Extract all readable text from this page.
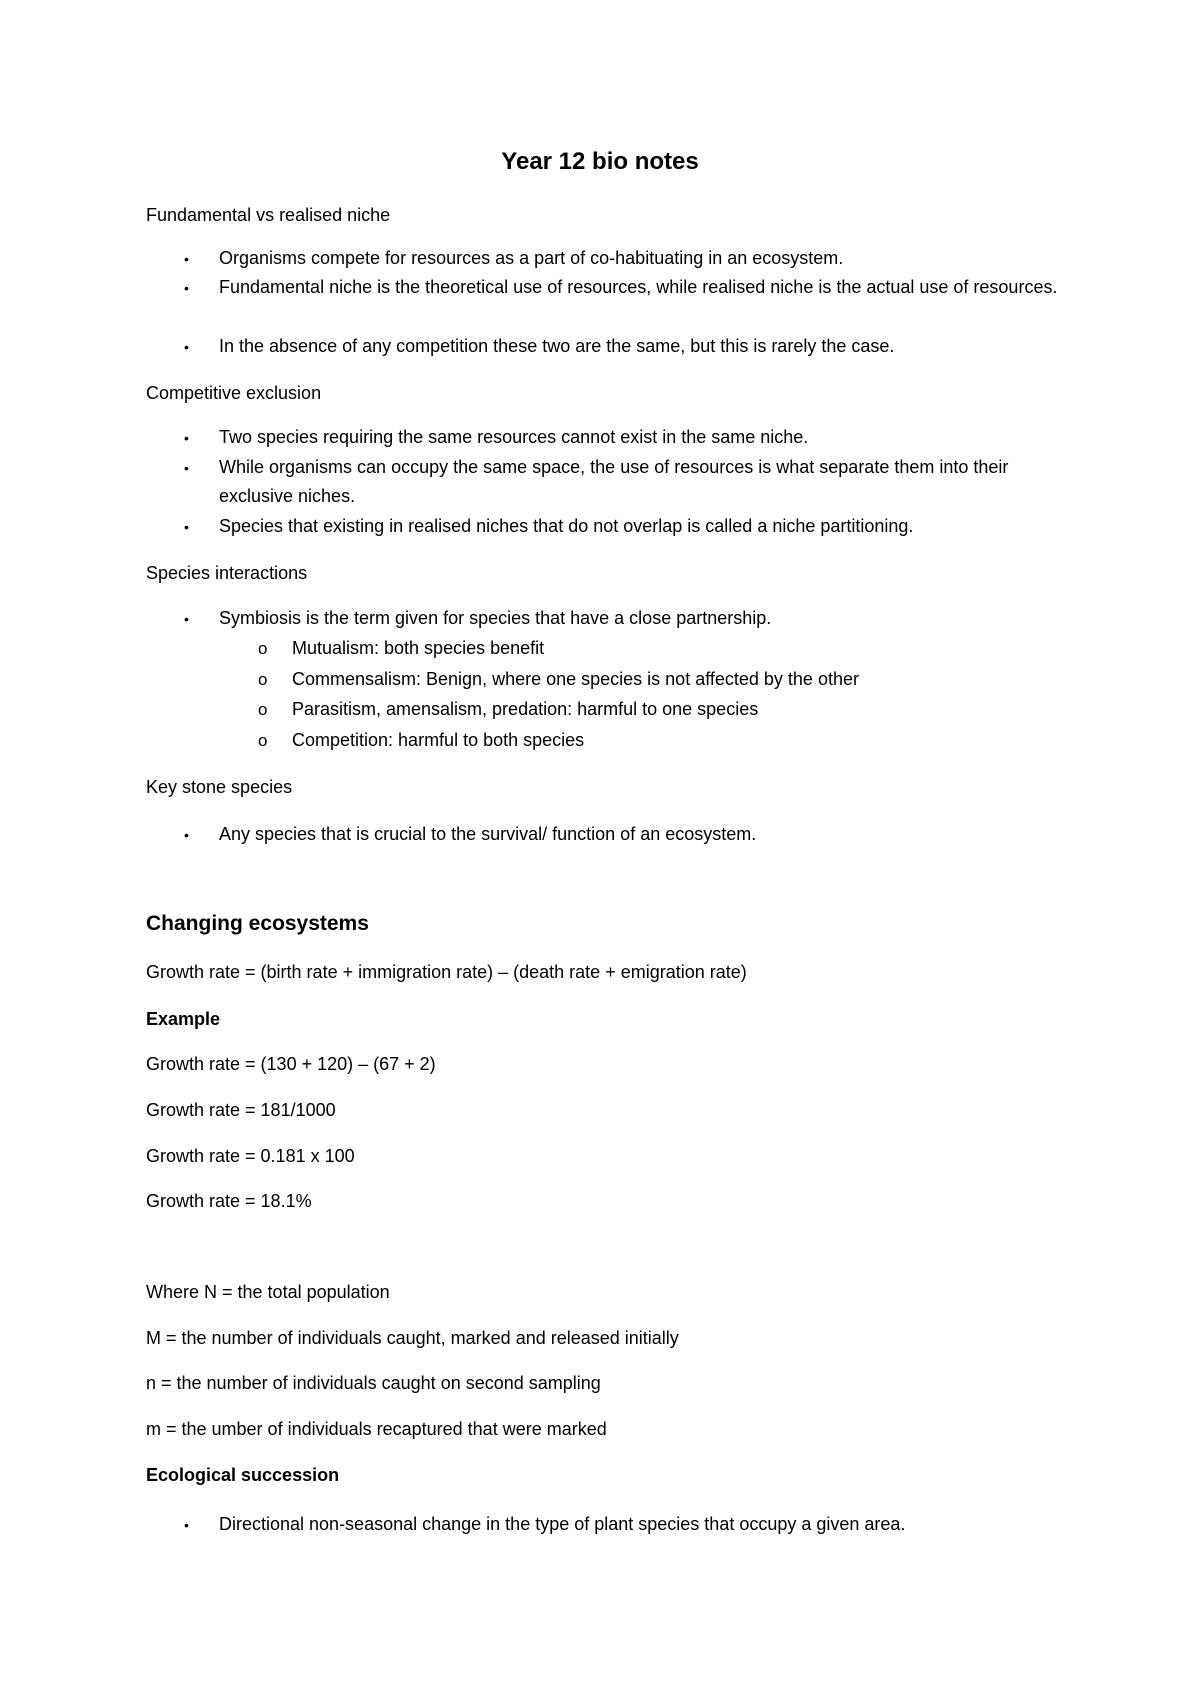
Year 12 bio notes

Fundamental vs realised niche

• Organisms compete for resources as a part of co-habituating in an ecosystem.

• Fundamental niche is the theoretical use of resources, while realised niche is the actual use of resources.

• In the absence of any competition these two are the same, but this is rarely the case.

Competitive exclusion

• Two species requiring the same resources cannot exist in the same niche.

• While organisms can occupy the same space, the use of resources is what separate them into their exclusive niches.

• Species that existing in realised niches that do not overlap is called a niche partitioning.

Species interactions

• Symbiosis is the term given for species that have a close partnership.

o Mutualism: both species benefit

o Commensalism: Benign, where one species is not affected by the other

o Parasitism, amensalism, predation: harmful to one species

o Competition: harmful to both species

Key stone species

• Any species that is crucial to the survival/ function of an ecosystem.

Changing ecosystems

Growth rate = (birth rate + immigration rate) – (death rate + emigration rate)

Example

Growth rate = (130 + 120) – (67 + 2)

Growth rate = 181/1000

Growth rate = 0.181 x 100

Growth rate = 18.1%

Where N = the total population

M = the number of individuals caught, marked and released initially

n = the number of individuals caught on second sampling

m = the umber of individuals recaptured that were marked

Ecological succession

• Directional non-seasonal change in the type of plant species that occupy a given area.
